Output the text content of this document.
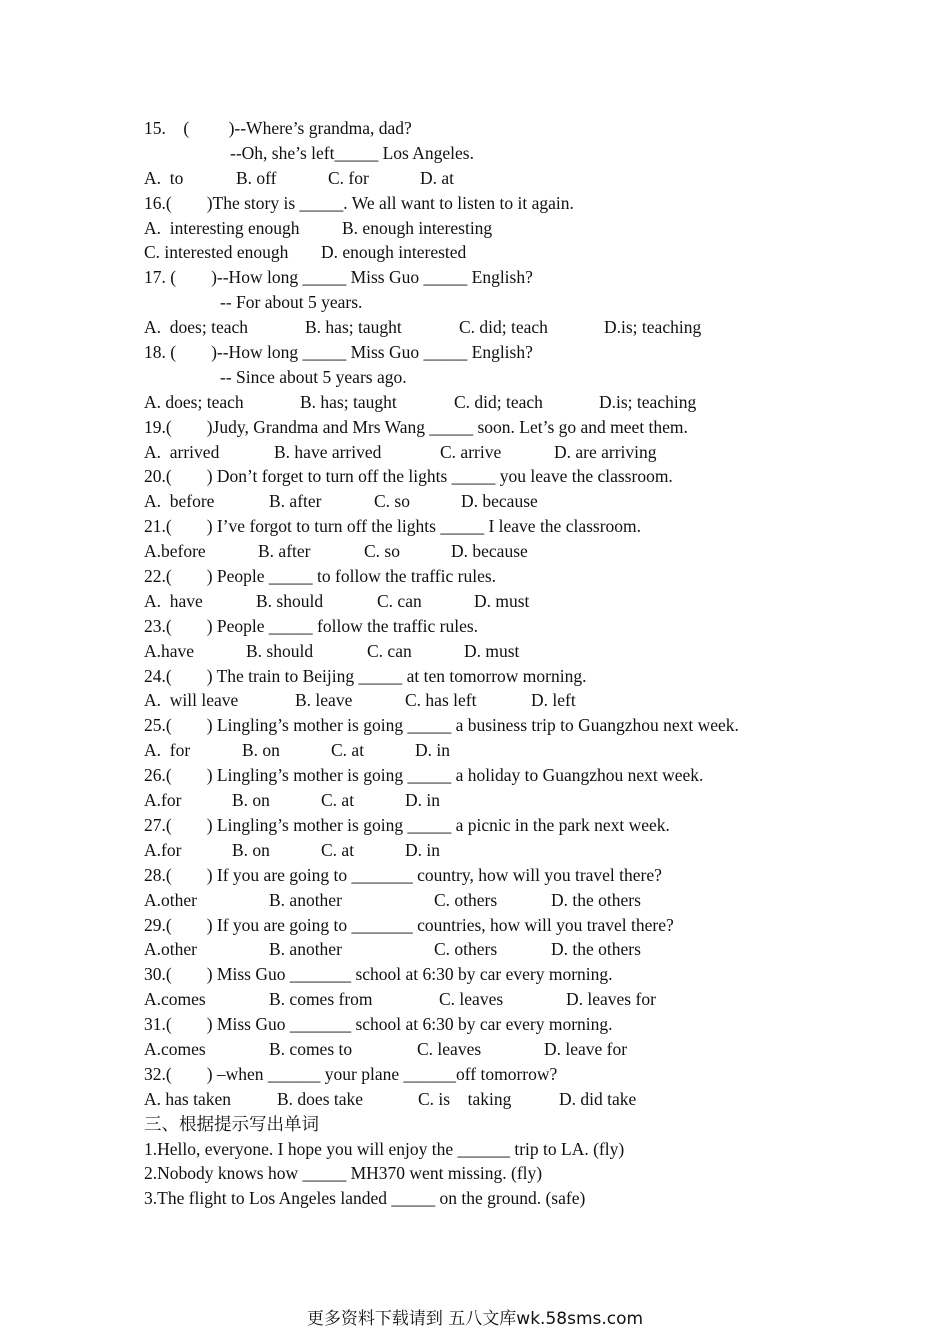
15.    (         )--Where’s grandma, dad?
--Oh, she’s left_____ Los Angeles.

A.  to

	B. off

	C. for

	D. at

16.(        )The story is _____. We all want to listen to it again.

A.  interesting enough

B. enough interesting

C. interested enough

D. enough interested

17. (        )--How long _____ Miss Guo _____ English?
-- For about 5 years.

A.  does; teach

	B. has; taught

	C. did; teach

	D.is; teaching

18. (        )--How long _____ Miss Guo _____ English?
-- Since about 5 years ago.

A. does; teach

	B. has; taught

	C. did; teach

	D.is; teaching

19.(        )Judy, Grandma and Mrs Wang _____ soon. Let’s go and meet them.

A.  arrived

	B. have arrived

	C. arrive

	D. are arriving

20.(        ) Don’t forget to turn off the lights _____ you leave the classroom.

A.  before

	B. after

	C. so

	D. because

21.(        ) I’ve forgot to turn off the lights _____ I leave the classroom.

A.before

	B. after

	C. so

	D. because

22.(        ) People _____ to follow the traffic rules.

A.  have

	B. should

	C. can

	D. must

23.(        ) People _____ follow the traffic rules.

A.have

	B. should

	C. can

	D. must

24.(        ) The train to Beijing _____ at ten tomorrow morning.

A.  will leave

	B. leave

	C. has left

	D. left

25.(        ) Lingling’s mother is going _____ a business trip to Guangzhou next week.

A.  for

	B. on

	C. at

	D. in

26.(        ) Lingling’s mother is going _____ a holiday to Guangzhou next week.

A.for

	B. on

	C. at

	D. in

27.(        ) Lingling’s mother is going _____ a picnic in the park next week.

A.for

	B. on

	C. at

	D. in

28.(        ) If you are going to _______ country, how will you travel there?

A.other

	B. another

	C. others

	D. the others

29.(        ) If you are going to _______ countries, how will you travel there?

A.other

	B. another

	C. others

	D. the others

30.(        ) Miss Guo _______ school at 6:30 by car every morning.

A.comes

	B. comes from

	C. leaves

	D. leaves for

31.(        ) Miss Guo _______ school at 6:30 by car every morning.

A.comes

	B. comes to

	C. leaves

	D. leave for

32.(        ) –when ______ your plane ______off tomorrow?

A. has taken

	B. does take

	C. is    taking

	D. did take

三、根据提示写出单词
1.Hello, everyone. I hope you will enjoy the ______ trip to LA. (fly)
2.Nobody knows how _____ MH370 went missing. (fly)
3.The flight to Los Angeles landed _____ on the ground. (safe)
更多资料下载请到 五八文库wk.58sms.com
